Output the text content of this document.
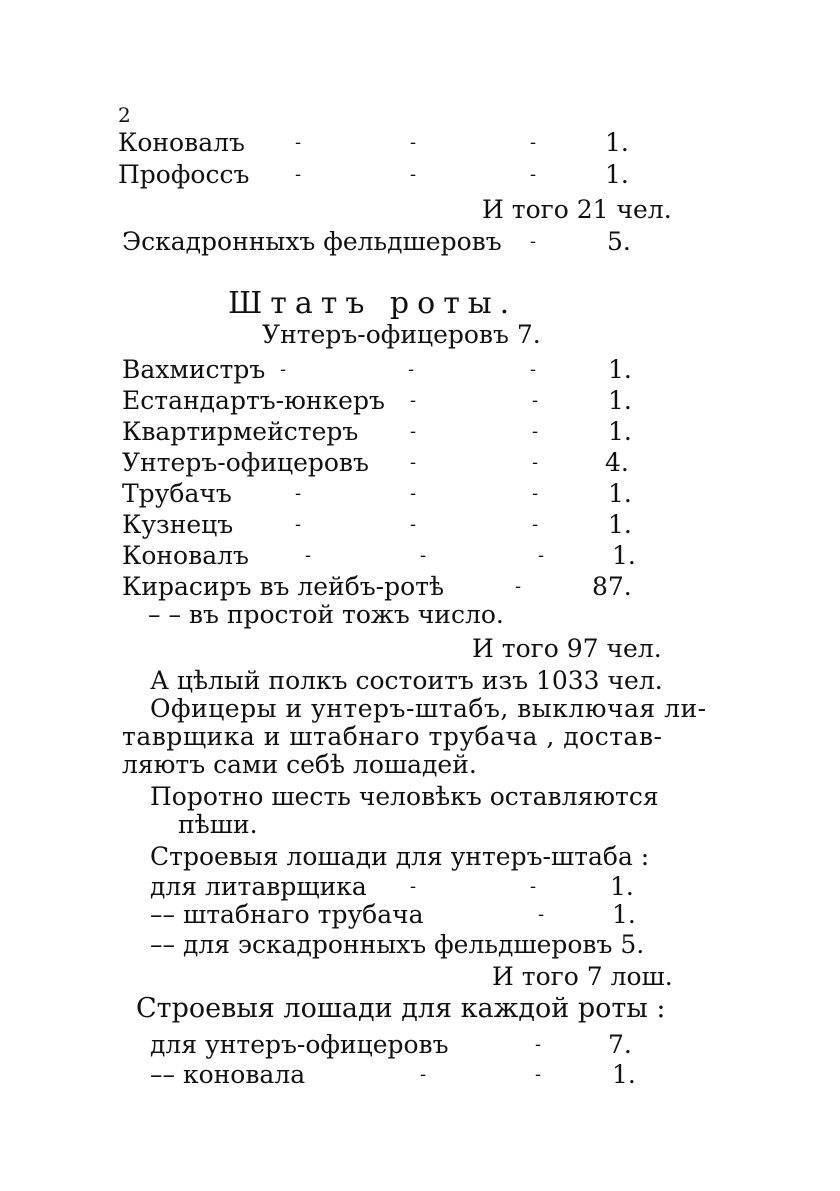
2
Коновалъ	-	-	-	1.
Профоссъ	-	-	-	1.
И того 21 чел.
Эскадронныхъ фельдшеровъ -	5.
Штатъ роты.
Унтеръ-офицеровъ 7.
Вахмистръ -	-	-	1.
Естандартъ-юнкеръ -	-	1.
Квартирмейстеръ	-	-	1.
Унтеръ-офицеровъ -	-	4.
Трубачъ	-	-	-	1.
Кузнецъ	-	-	-	1.
Коновалъ	-	-	-	1.
Кирасиръ въ лейбъ-ротѣ	-	87.
– – въ простой тожъ число.
И того 97 чел.
А цѣлый полкъ состоитъ изъ 1033 чел.
Офицеры и унтеръ-штабъ, выключая ли-
таврщика и штабнаго трубача , достав-
ляютъ сами себѣ лошадей.
Поротно шесть человѣкъ оставляются
пѣши.
Строевыя лошади для унтеръ-штаба :
для литаврщика -	-	1.
–– штабнаго трубача	-	1.
–– для эскадронныхъ фельдшеровъ 5.
И того 7 лош.
Строевыя лошади для каждой роты :
для унтеръ-офицеровъ	-	7.
–– коновала	-	-	1.
